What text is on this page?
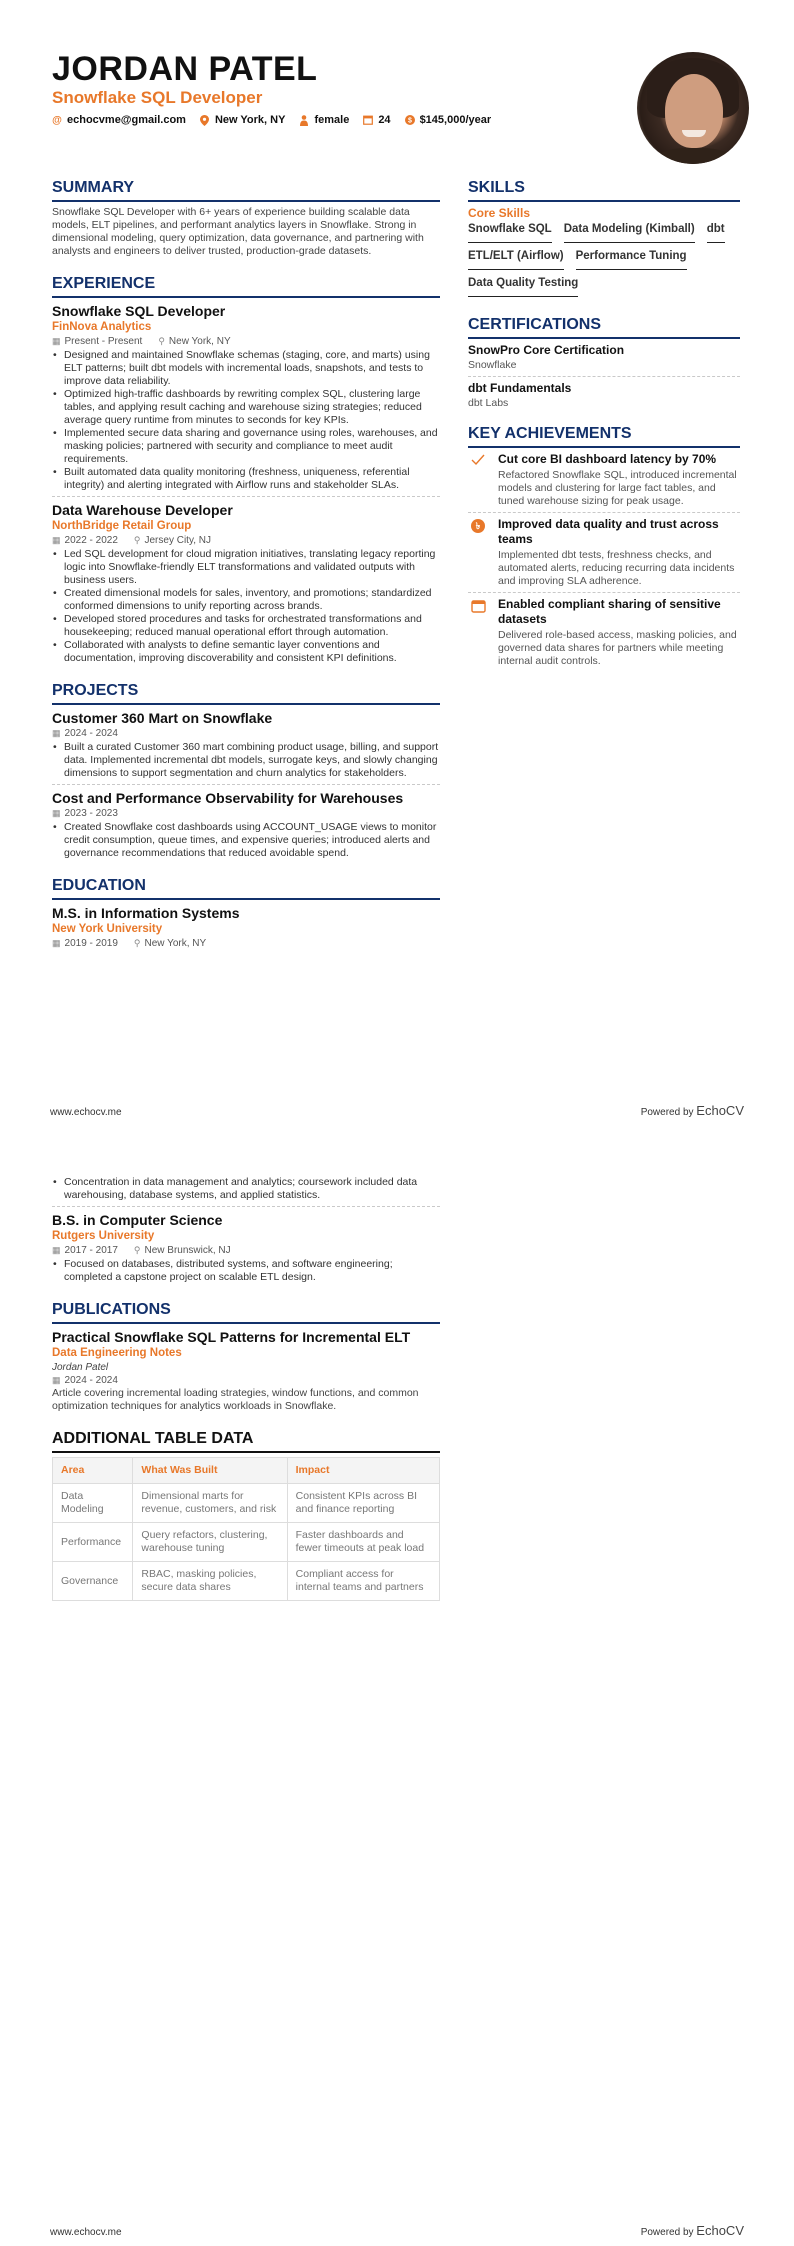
JORDAN PATEL
Snowflake SQL Developer
@ echocvme@gmail.com	New York, NY	female	24 $ $145,000/year
SUMMARY
Snowflake SQL Developer with 6+ years of experience building scalable data models, ELT pipelines, and performant analytics layers in Snowflake. Strong in dimensional modeling, query optimization, data governance, and partnering with analysts and engineers to deliver trusted, production-grade datasets.
EXPERIENCE
Snowflake SQL Developer
FinNova Analytics
▦ Present - Present ⚲ New York, NY
• Designed and maintained Snowflake schemas (staging, core, and marts) using ELT patterns; built dbt models with incremental loads, snapshots, and tests to improve data reliability.
• Optimized high-traffic dashboards by rewriting complex SQL, clustering large tables, and applying result caching and warehouse sizing strategies; reduced average query runtime from minutes to seconds for key KPIs.
• Implemented secure data sharing and governance using roles, warehouses, and masking policies; partnered with security and compliance to meet audit requirements.
• Built automated data quality monitoring (freshness, uniqueness, referential integrity) and alerting integrated with Airflow runs and stakeholder SLAs.
Data Warehouse Developer
NorthBridge Retail Group
▦ 2022 - 2022 ⚲ Jersey City, NJ
• Led SQL development for cloud migration initiatives, translating legacy reporting logic into Snowflake-friendly ELT transformations and validated outputs with business users.
• Created dimensional models for sales, inventory, and promotions; standardized conformed dimensions to unify reporting across brands.
• Developed stored procedures and tasks for orchestrated transformations and housekeeping; reduced manual operational effort through automation.
• Collaborated with analysts to define semantic layer conventions and documentation, improving discoverability and consistent KPI definitions.
PROJECTS
Customer 360 Mart on Snowflake
▦ 2024 - 2024
• Built a curated Customer 360 mart combining product usage, billing, and support data. Implemented incremental dbt models, surrogate keys, and slowly changing dimensions to support segmentation and churn analytics for stakeholders.
Cost and Performance Observability for Warehouses
▦ 2023 - 2023
• Created Snowflake cost dashboards using ACCOUNT_USAGE views to monitor credit consumption, queue times, and expensive queries; introduced alerts and governance recommendations that reduced avoidable spend.
EDUCATION
M.S. in Information Systems
New York University
▦ 2019 - 2019 ⚲ New York, NY
SKILLS
Core Skills
Snowflake SQL Data Modeling (Kimball) dbt
ETL/ELT (Airflow) Performance Tuning
Data Quality Testing
CERTIFICATIONS
SnowPro Core Certification
Snowflake
dbt Fundamentals
dbt Labs
KEY ACHIEVEMENTS
Cut core BI dashboard latency by 70%
Refactored Snowflake SQL, introduced incremental models and clustering for large fact tables, and tuned warehouse sizing for peak usage.
৳	Improved data quality and trust across teams
Implemented dbt tests, freshness checks, and automated alerts, reducing recurring data incidents and improving SLA adherence.
Enabled compliant sharing of sensitive datasets
Delivered role-based access, masking policies, and governed data shares for partners while meeting internal audit controls.
www.echocv.me	Powered by EchoCV
• Concentration in data management and analytics; coursework included data warehousing, database systems, and applied statistics.
B.S. in Computer Science
Rutgers University
▦ 2017 - 2017 ⚲ New Brunswick, NJ
• Focused on databases, distributed systems, and software engineering; completed a capstone project on scalable ETL design.
PUBLICATIONS
Practical Snowflake SQL Patterns for Incremental ELT
Data Engineering Notes
Jordan Patel
▦ 2024 - 2024
Article covering incremental loading strategies, window functions, and common optimization techniques for analytics workloads in Snowflake.
ADDITIONAL TABLE DATA
Area	What Was Built	Impact
Data Modeling	Dimensional marts for revenue, customers, and risk	Consistent KPIs across BI and finance reporting
Performance	Query refactors, clustering, warehouse tuning	Faster dashboards and fewer timeouts at peak load
Governance	RBAC, masking policies, secure data shares	Compliant access for internal teams and partners
www.echocv.me	Powered by EchoCV
